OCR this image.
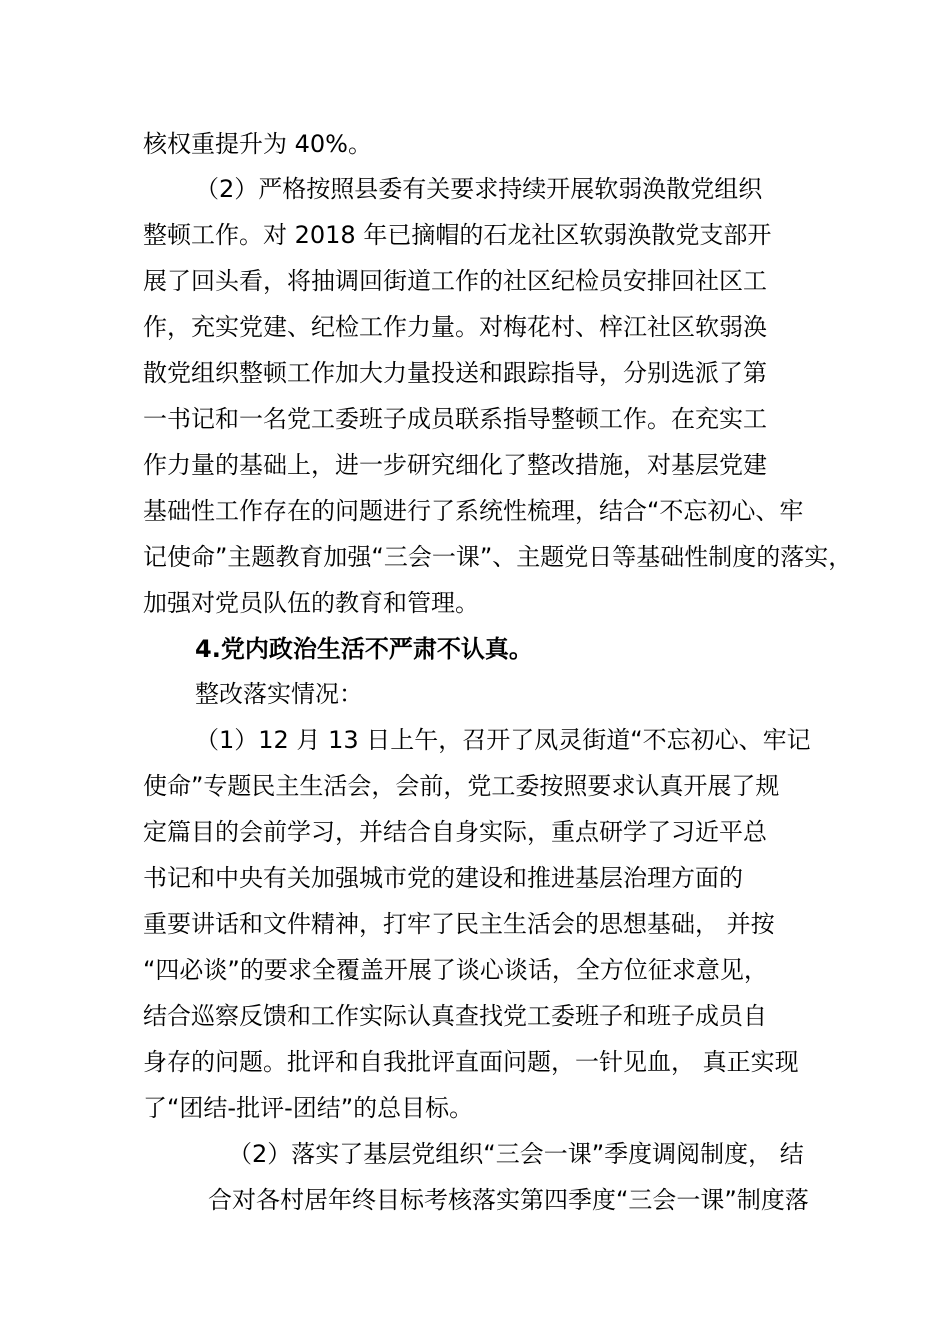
核权重提升为 40%。
（2）严格按照县委有关要求持续开展软弱涣散党组织
整顿工作。对 2018 年已摘帽的石龙社区软弱涣散党支部开
展了回头看，将抽调回街道工作的社区纪检员安排回社区工
作，充实党建、纪检工作力量。对梅花村、梓江社区软弱涣
散党组织整顿工作加大力量投送和跟踪指导，分别选派了第
一书记和一名党工委班子成员联系指导整顿工作。在充实工
作力量的基础上，进一步研究细化了整改措施，对基层党建
基础性工作存在的问题进行了系统性梳理，结合“不忘初心、牢
记使命”主题教育加强“三会一课”、主题党日等基础性制度的落实，
加强对党员队伍的教育和管理。
4.党内政治生活不严肃不认真。
整改落实情况：
（1）12 月 13 日上午，召开了凤灵街道“不忘初心、牢记
使命”专题民主生活会，会前，党工委按照要求认真开展了规
定篇目的会前学习，并结合自身实际，重点研学了习近平总
书记和中央有关加强城市党的建设和推进基层治理方面的
重要讲话和文件精神，打牢了民主生活会的思想基础， 并按
“四必谈”的要求全覆盖开展了谈心谈话，全方位征求意见，
结合巡察反馈和工作实际认真查找党工委班子和班子成员自
身存的问题。批评和自我批评直面问题，一针见血， 真正实现
了“团结-批评-团结”的总目标。
（2）落实了基层党组织“三会一课”季度调阅制度， 结
合对各村居年终目标考核落实第四季度“三会一课”制度落
